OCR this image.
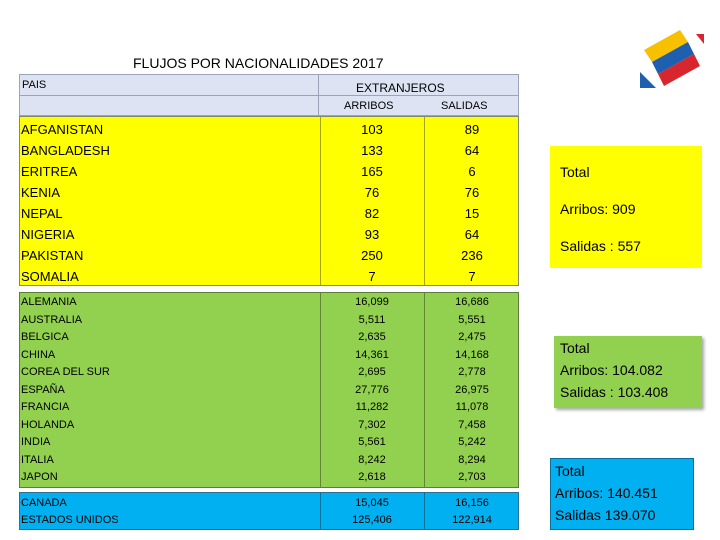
FLUJOS POR NACIONALIDADES 2017
PAIS	EXTRANJEROS
ARRIBOS	SALIDAS
AFGANISTAN
BANGLADESH
ERITREA
KENIA
NEPAL
NIGERIA
PAKISTAN
SOMALIA
103
133
165
76
82
93
250
7
89
64
6
76
15
64
236
7
ALEMANIA
AUSTRALIA
BELGICA
CHINA
COREA DEL SUR
ESPAÑA
FRANCIA
HOLANDA
INDIA
ITALIA
JAPON
16,099
5,511
2,635
14,361
2,695
27,776
11,282
7,302
5,561
8,242
2,618
16,686
5,551
2,475
14,168
2,778
26,975
11,078
7,458
5,242
8,294
2,703
CANADA
ESTADOS UNIDOS
15,045
125,406
16,156
122,914
Total
Arribos: 909
Salidas : 557
Total
Arribos: 104.082
Salidas : 103.408
Total
Arribos: 140.451
Salidas 139.070
